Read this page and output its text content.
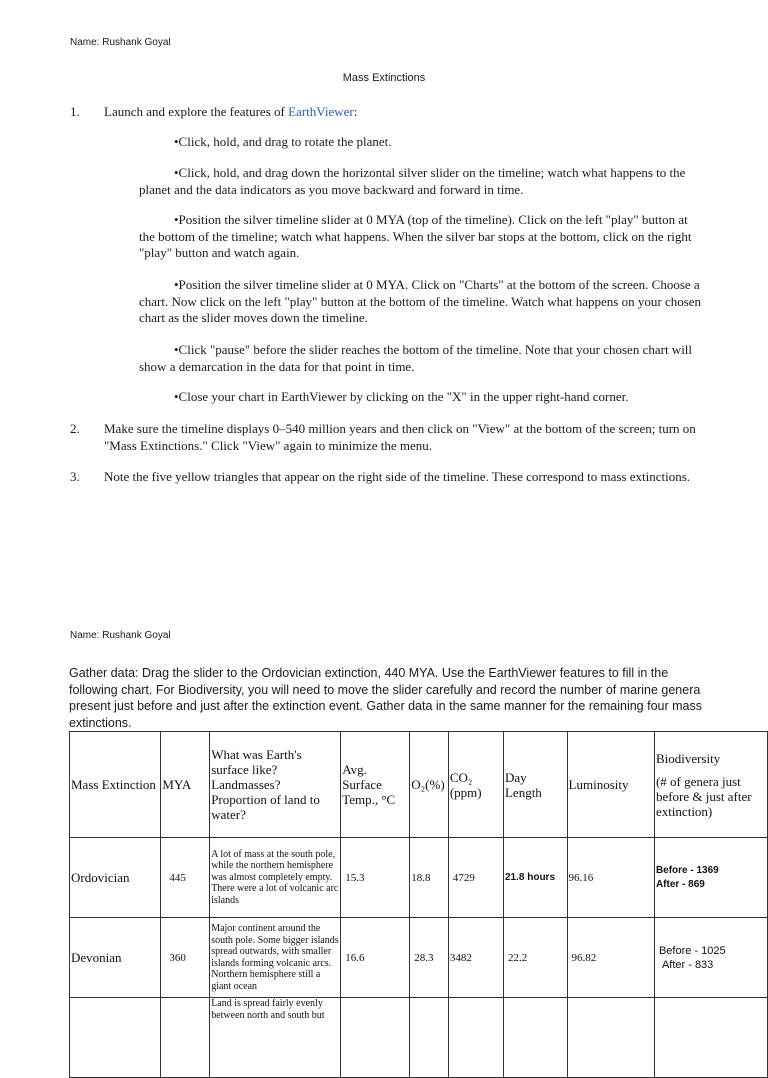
Name: Rushank Goyal
Mass Extinctions
1. Launch and explore the features of EarthViewer:
•Click, hold, and drag to rotate the planet.
•Click, hold, and drag down the horizontal silver slider on the timeline; watch what happens to the planet and the data indicators as you move backward and forward in time.
•Position the silver timeline slider at 0 MYA (top of the timeline). Click on the left "play" button at the bottom of the timeline; watch what happens. When the silver bar stops at the bottom, click on the right "play" button and watch again.
•Position the silver timeline slider at 0 MYA. Click on "Charts" at the bottom of the screen. Choose a chart. Now click on the left "play" button at the bottom of the timeline. Watch what happens on your chosen chart as the slider moves down the timeline.
•Click "pause" before the slider reaches the bottom of the timeline. Note that your chosen chart will show a demarcation in the data for that point in time.
•Close your chart in EarthViewer by clicking on the "X" in the upper right-hand corner.
2. Make sure the timeline displays 0–540 million years and then click on "View" at the bottom of the screen; turn on "Mass Extinctions." Click "View" again to minimize the menu.
3. Note the five yellow triangles that appear on the right side of the timeline. These correspond to mass extinctions.
Name: Rushank Goyal
Gather data: Drag the slider to the Ordovician extinction, 440 MYA. Use the EarthViewer features to fill in the following chart. For Biodiversity, you will need to move the slider carefully and record the number of marine genera present just before and just after the extinction event. Gather data in the same manner for the remaining four mass extinctions.
Mass Extinction	MYA	What was Earth's surface like? Landmasses? Proportion of land to water?	Avg. Surface Temp., °C	O₂(%)	CO₂ (ppm)	Day Length	Luminosity	Biodiversity
(# of genera just before & just after extinction)

Ordovician	445	A lot of mass at the south pole, while the northern hemisphere was almost completely empty. There were a lot of volcanic arc islands	15.3	18.8	4729	21.8 hours	96.16	Before - 1369
After - 869

Devonian	360	Major continent around the south pole. Some bigger islands spread outwards, with smaller islands forming volcanic arcs. Northern hemisphere still a giant ocean	16.6	28.3	3482	22.2	96.82	Before - 1025
After - 833

		Land is spread fairly evenly between north and south but						
